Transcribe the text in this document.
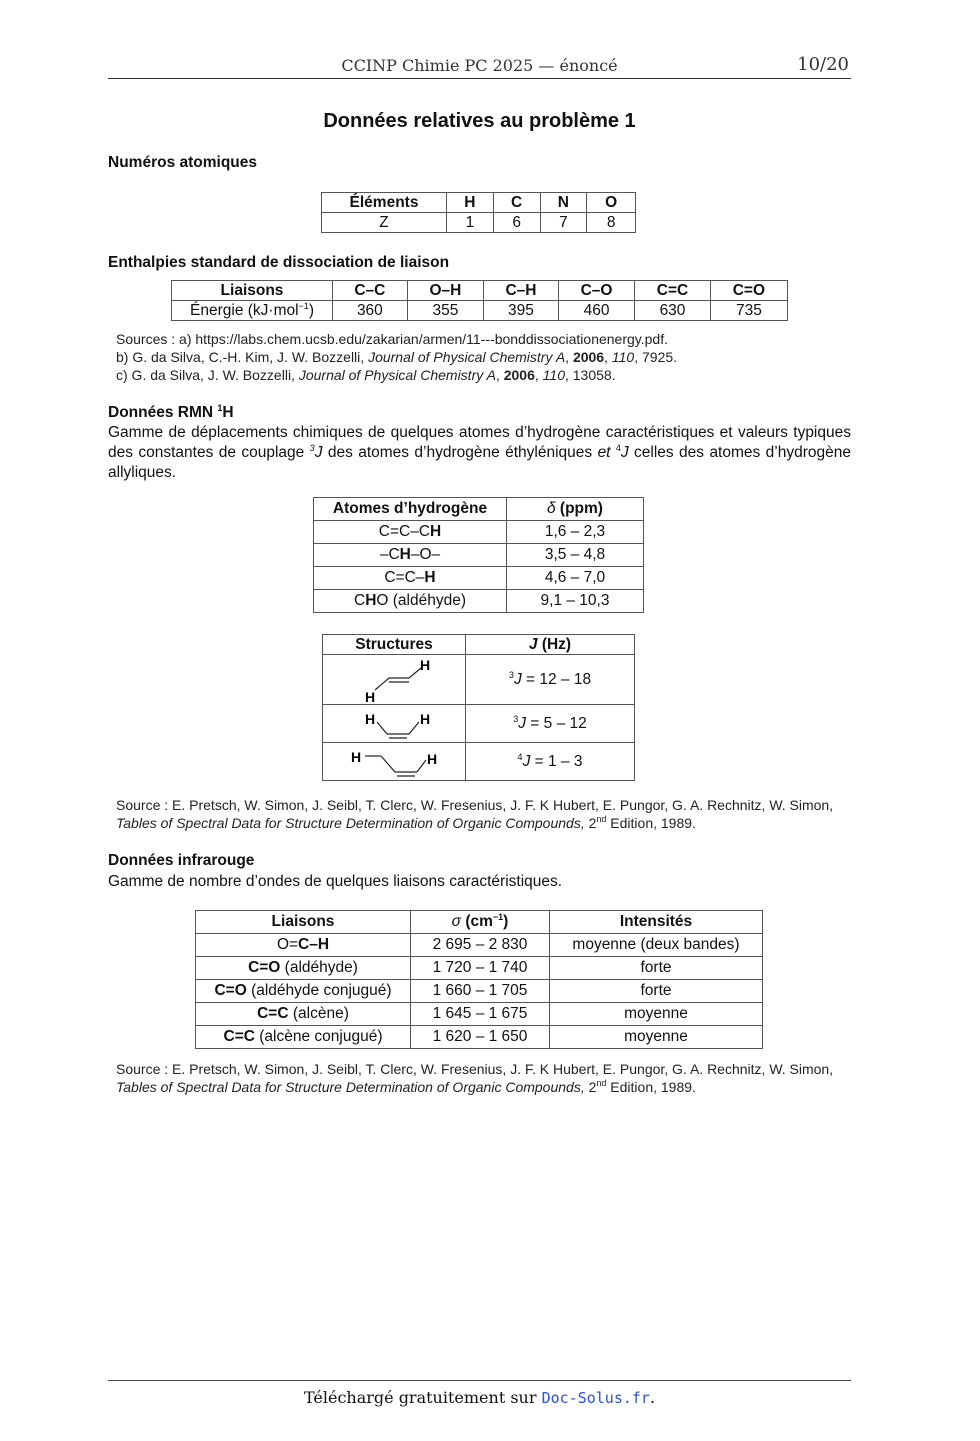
CCINP Chimie PC 2025 — énoncé	10/20
Données relatives au problème 1
Numéros atomiques
Éléments	H	C	N	O
Z	1	6	7	8
Enthalpies standard de dissociation de liaison
Liaisons	C–C	O–H	C–H	C–O	C=C	C=O
Énergie (kJ·mol$^{-1}$)	360	355	395	460	630	735
Sources : a) https://labs.chem.ucsb.edu/zakarian/armen/11---bonddissociationenergy.pdf.
b) G. da Silva, C.-H. Kim, J. W. Bozzelli, Journal of Physical Chemistry A, 2006, 110, 7925.
c) G. da Silva, J. W. Bozzelli, Journal of Physical Chemistry A, 2006, 110, 13058.
Données RMN $^1$H
Gamme de déplacements chimiques de quelques atomes d’hydrogène caractéristiques et valeurs typiques des constantes de couplage $^3$J des atomes d’hydrogène éthyléniques et $^4$J celles des atomes d’hydrogène allyliques.
Atomes d’hydrogène	δ (ppm)
C=C–CH	1,6 – 2,3
–CH–O–	3,5 – 4,8
C=C–H	4,6 – 7,0
CHO (aldéhyde)	9,1 – 10,3
Structures	J (Hz)

H
H	$^3$J = 12 – 18

H H	$^3$J = 5 – 12

H H	$^4$J = 1 – 3
Source : E. Pretsch, W. Simon, J. Seibl, T. Clerc, W. Fresenius, J. F. K Hubert, E. Pungor, G. A. Rechnitz, W. Simon, Tables of Spectral Data for Structure Determination of Organic Compounds, 2nd Edition, 1989.
Données infrarouge
Gamme de nombre d’ondes de quelques liaisons caractéristiques.
Liaisons	σ $(cm^{-1})$	Intensités
O=C–H	2 695 – 2 830	moyenne (deux bandes)
C=O (aldéhyde)	1 720 – 1 740	forte
C=O (aldéhyde conjugué)	1 660 – 1 705	forte
C=C (alcène)	1 645 – 1 675	moyenne
C=C (alcène conjugué)	1 620 – 1 650	moyenne
Source : E. Pretsch, W. Simon, J. Seibl, T. Clerc, W. Fresenius, J. F. K Hubert, E. Pungor, G. A. Rechnitz, W. Simon, Tables of Spectral Data for Structure Determination of Organic Compounds, 2nd Edition, 1989.
Téléchargé gratuitement sur Doc-Solus.fr.
